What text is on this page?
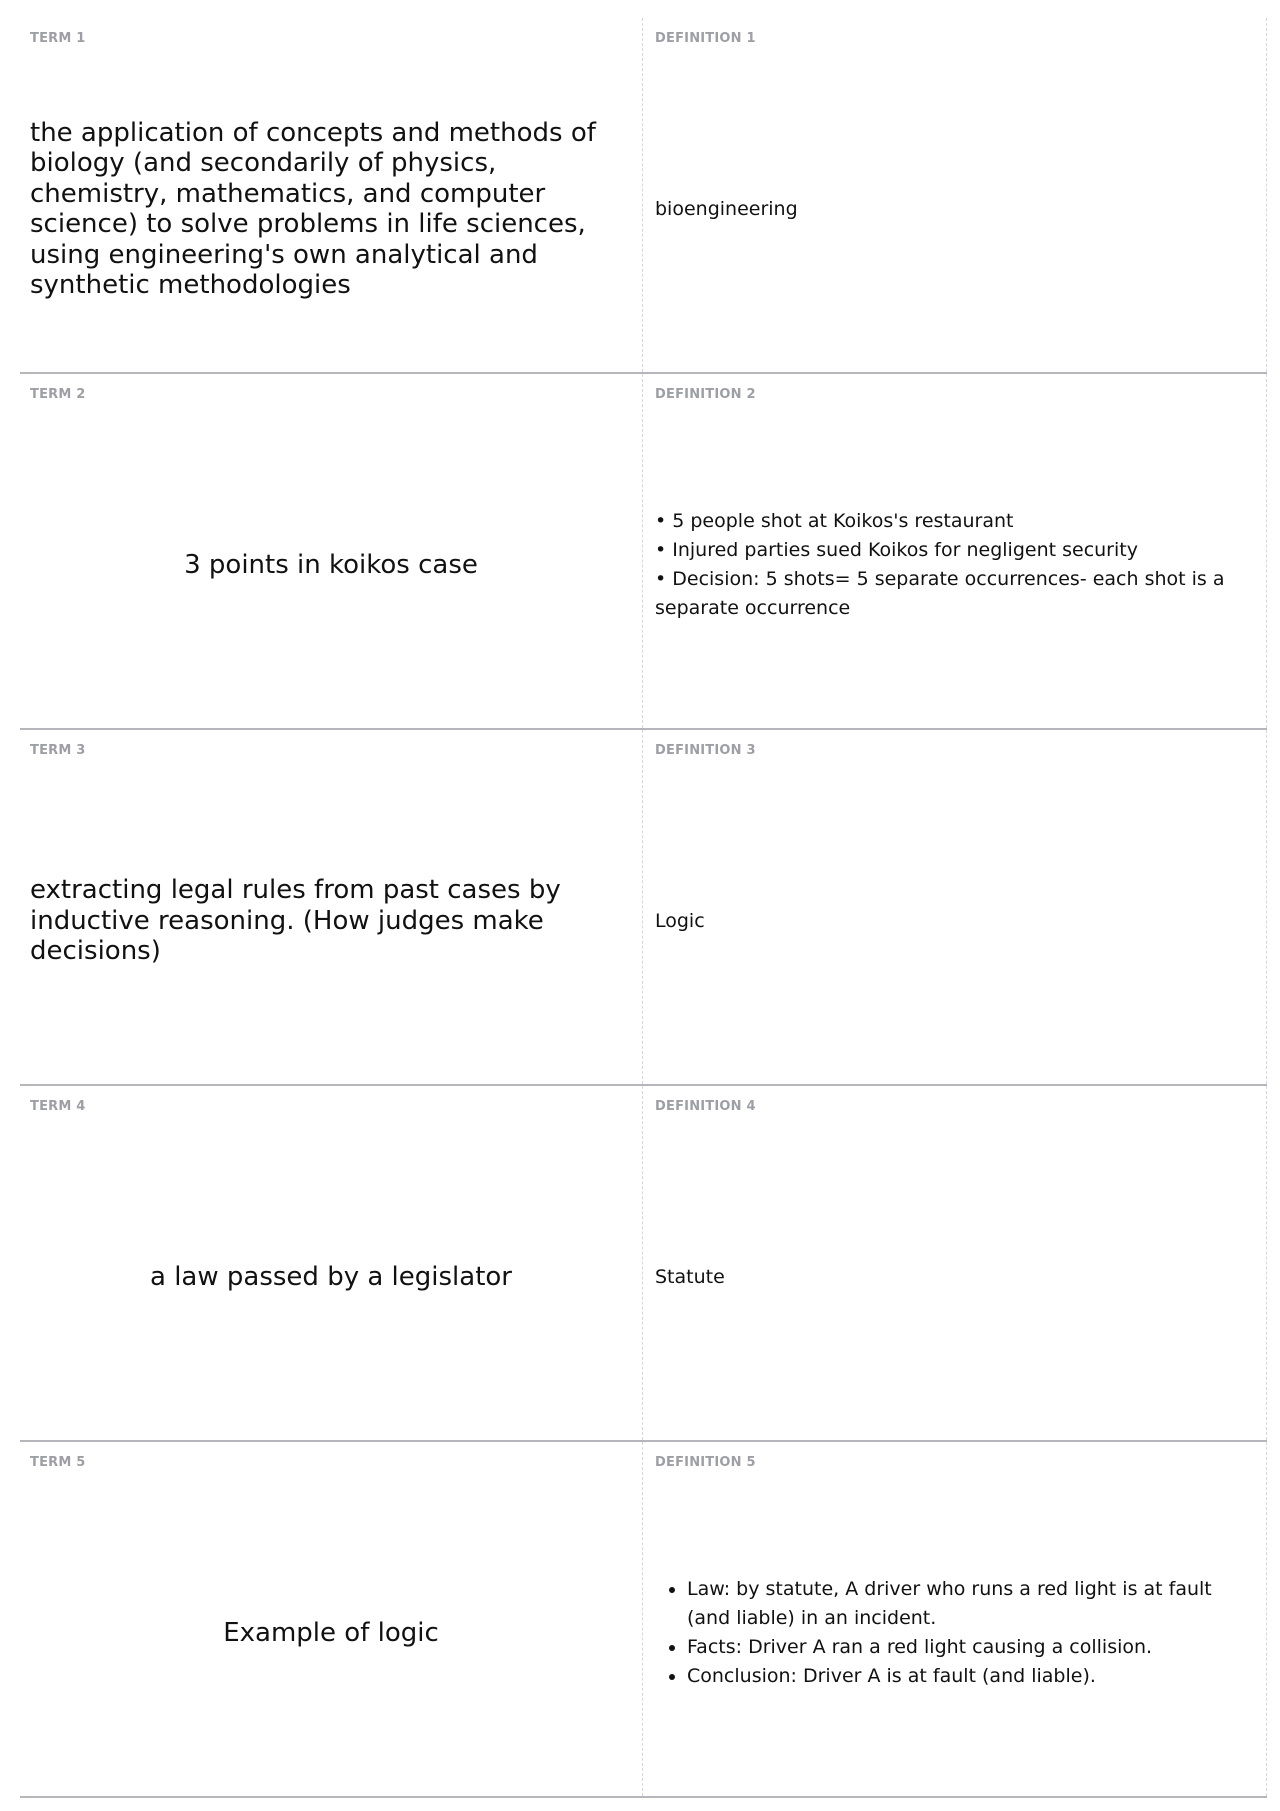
TERM 1
the application of concepts and methods of biology (and secondarily of physics, chemistry, mathematics, and computer science) to solve problems in life sciences, using engineering's own analytical and synthetic methodologies
DEFINITION 1
bioengineering
TERM 2
3 points in koikos case
DEFINITION 2
• 5 people shot at Koikos's restaurant
• Injured parties sued Koikos for negligent security
• Decision: 5 shots= 5 separate occurrences- each shot is a separate occurrence
TERM 3
extracting legal rules from past cases by inductive reasoning. (How judges make decisions)
DEFINITION 3
Logic
TERM 4
a law passed by a legislator
DEFINITION 4
Statute
TERM 5
Example of logic
DEFINITION 5
• Law: by statute, A driver who runs a red light is at fault (and liable) in an incident.
• Facts: Driver A ran a red light causing a collision.
• Conclusion: Driver A is at fault (and liable).
